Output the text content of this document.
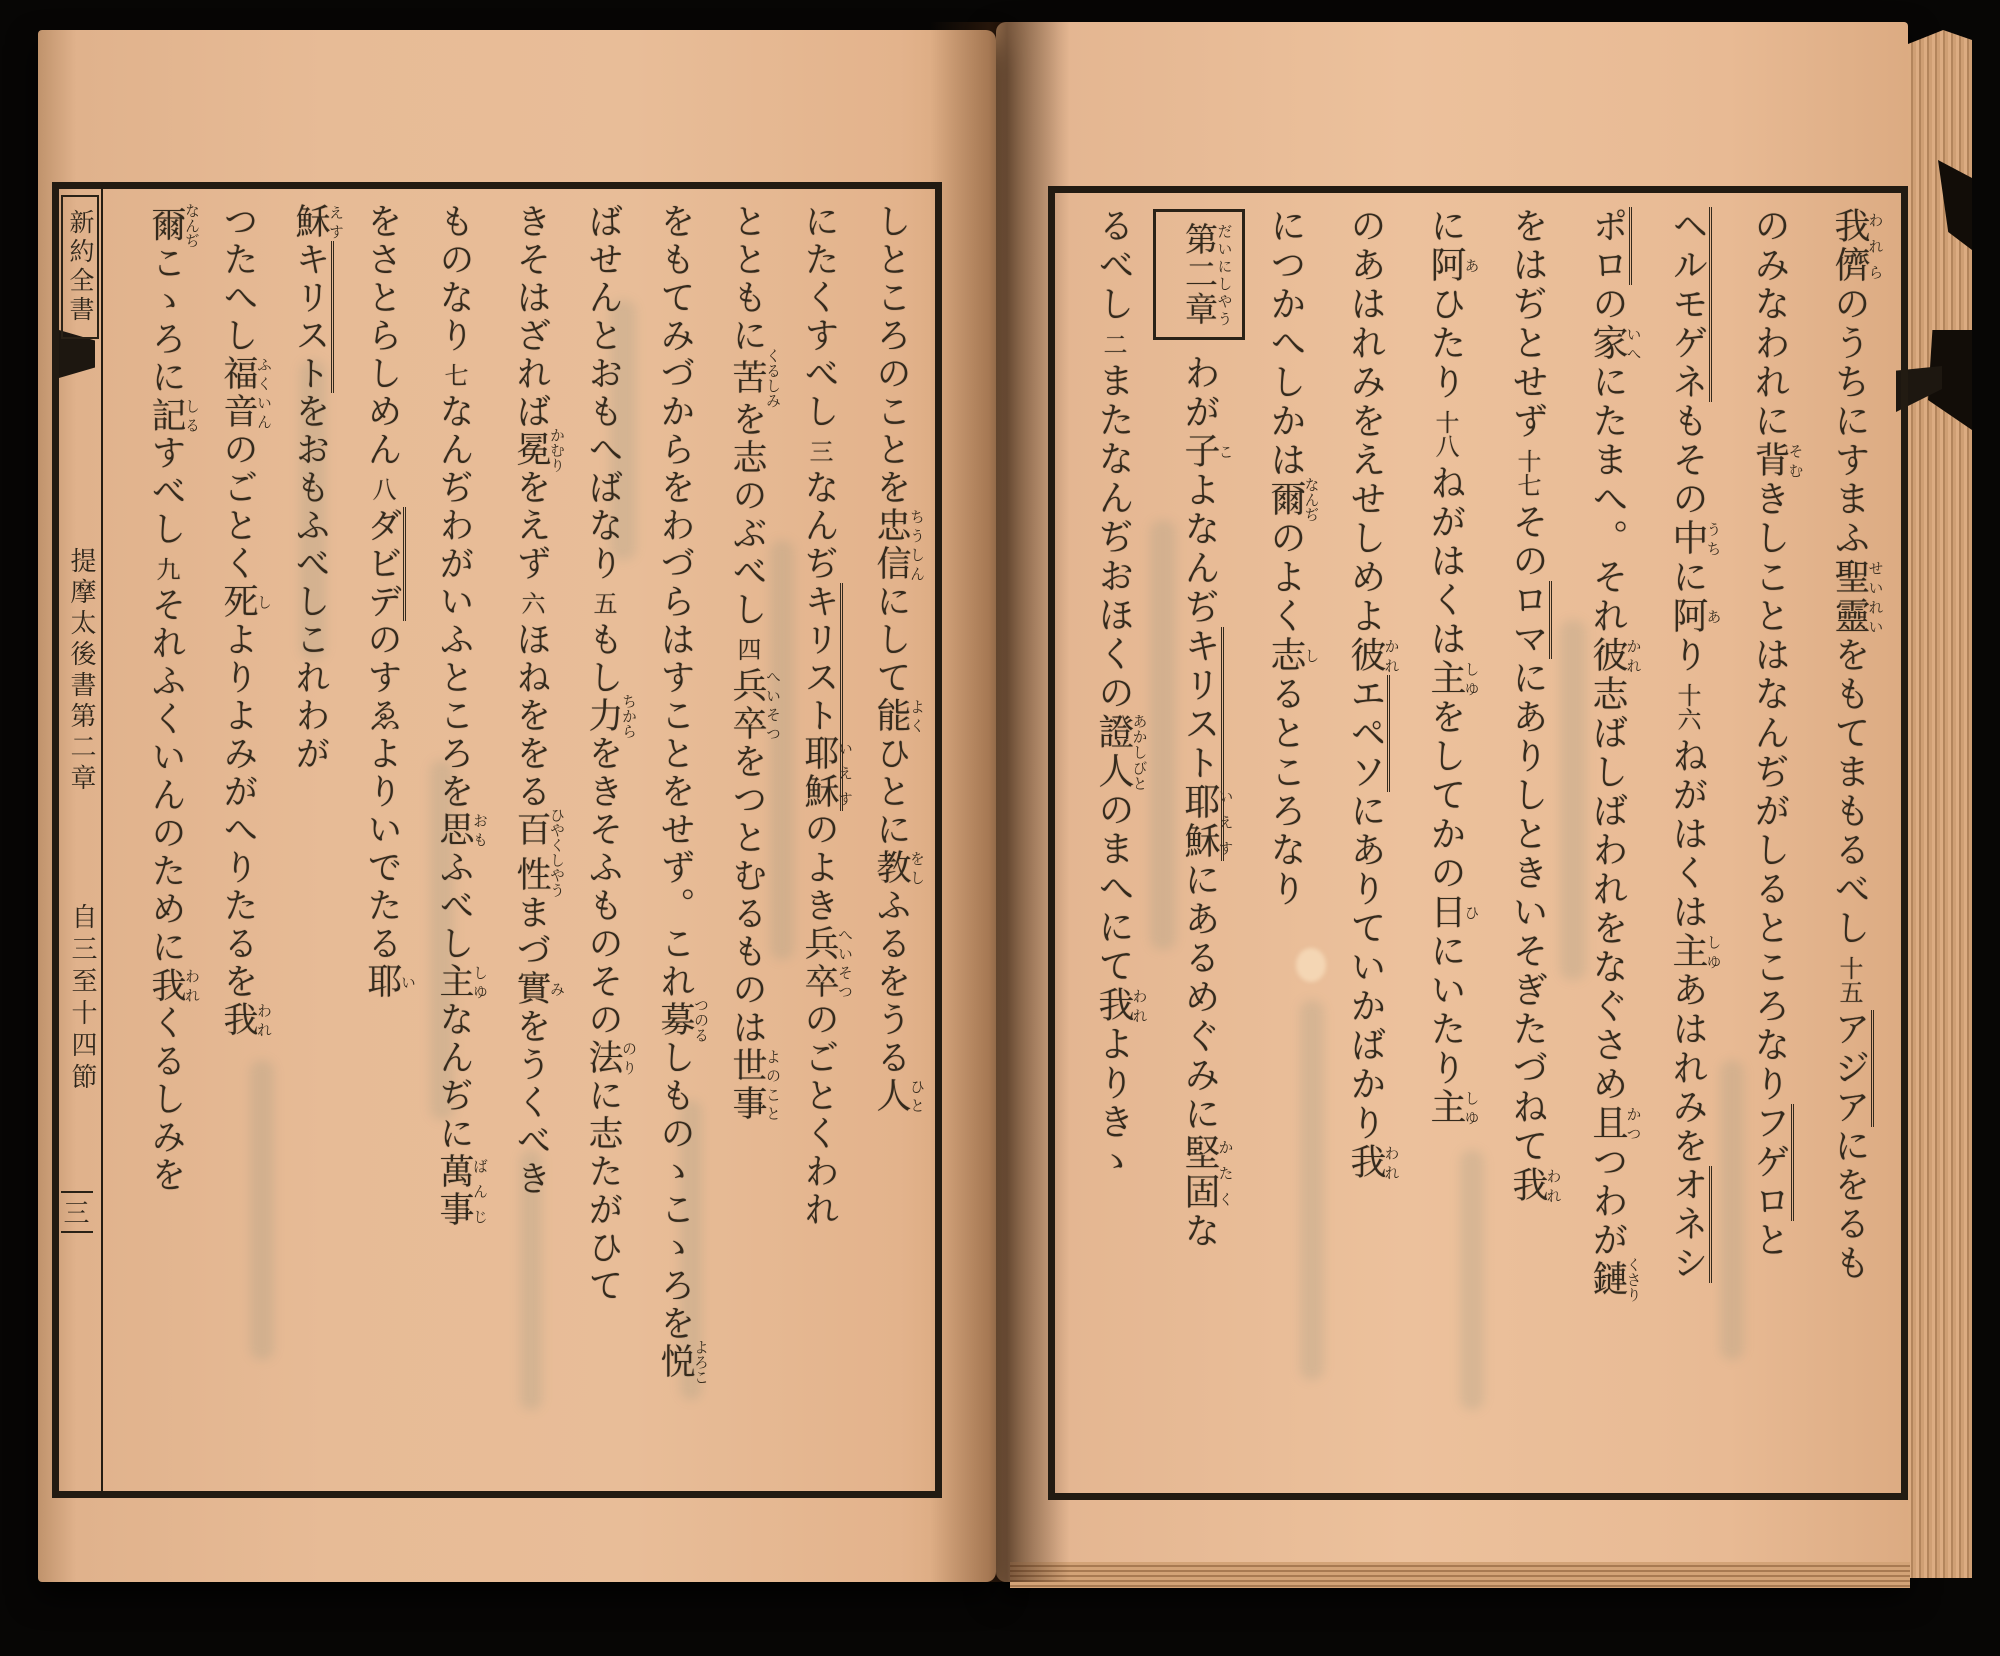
新約全書
提摩太後書第二章
自三至十四節
三
しところのことを忠信ちうしんにして能よくひとに教をしふるをうる人ひと
にたくすべし三なんぢキリスト耶穌いえすのよき兵卒へいそつのごとくわれ
とともに苦くるしみを志のぶべし四兵卒へいそつをつとむるものは世事よのこと
をもてみづからをわづらはすことをせず。これ募つのるしものゝこゝろを悦よろこ
ばせんとおもへばなり五もし力ちからをきそふものその法のりに志たがひて
きそはざれば冕かむりをえず六ほねををる百性ひやくしやうまづ實みをうくべき
ものなり七なんぢわがいふところを思おもふべし主しゆなんぢに萬事ばんじ
をさとらしめん八ダビデのすゑよりいでたる耶い
穌えすキリストをおもふべしこれわが
つたへし福音ふくいんのごとく死しよりよみがへりたるを我われ
爾なんぢこゝろに記しるすべし九それふくいんのために我われくるしみを
我儕われらのうちにすまふ聖靈せいれいをもてまもるべし十五アジアにをるも
のみなわれに背そむきしことはなんぢがしるところなりフゲロと
ヘルモゲネもその中うちに阿あり十六ねがはくは主しゆあはれみをオネシ
ポロの家いへにたまへ。それ彼かれ志ばしばわれをなぐさめ且かつつわが鏈くさり
をはぢとせず十七そのロマにありしときいそぎたづねて我われ
に阿あひたり十八ねがはくは主しゆをしてかの日ひにいたり主しゆ
のあはれみをえせしめよ彼かれエペソにありていかばかり我われ
につかへしかは爾なんぢのよく志しるところなり
第二章だいにしやうわが子こよなんぢキリスト耶穌いえすにあるめぐみに堅固かたくな
るべし二またなんぢおほくの證人あかしびとのまへにて我われよりきゝ
